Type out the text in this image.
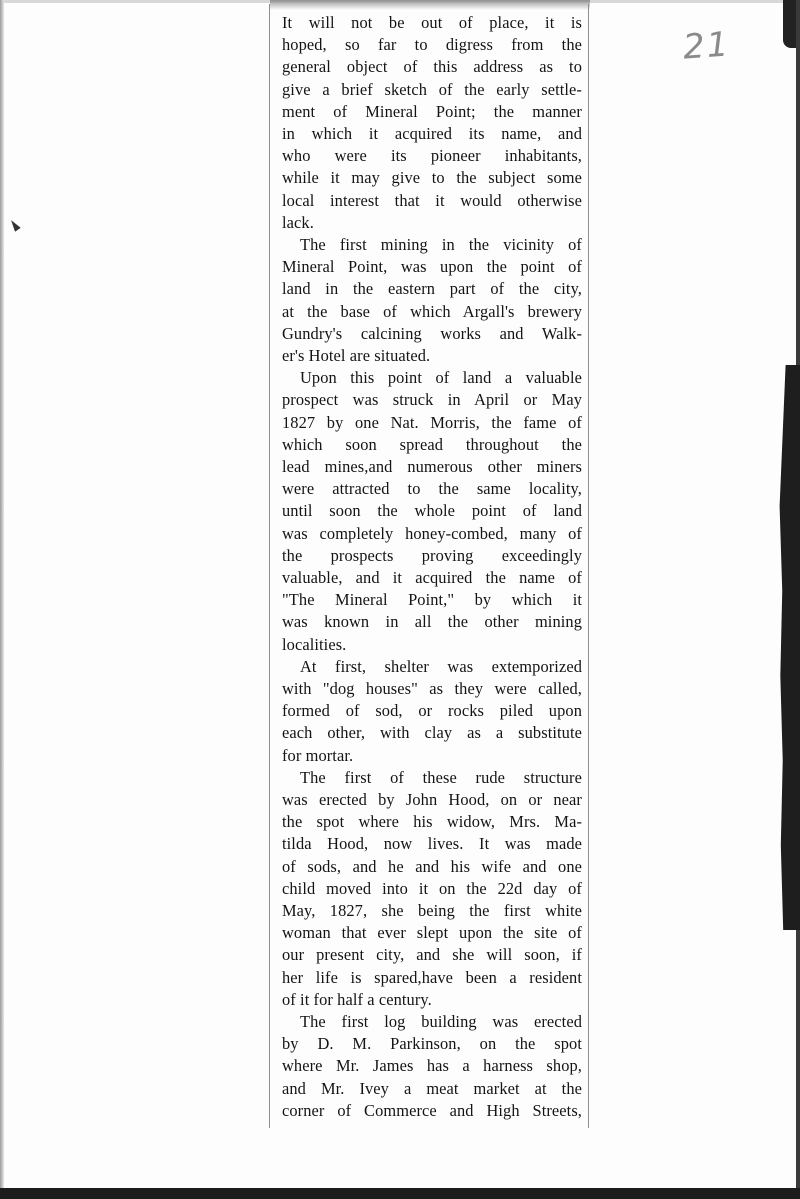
21
It will not be out of place, it is
hoped, so far to digress from the
general object of this address as to
give a brief sketch of the early settle-
ment of Mineral Point; the manner
in which it acquired its name, and
who were its pioneer inhabitants,
while it may give to the subject some
local interest that it would otherwise
lack.
The first mining in the vicinity of
Mineral Point, was upon the point of
land in the eastern part of the city,
at the base of which Argall's brewery
Gundry's calcining works and Walk-
er's Hotel are situated.
Upon this point of land a valuable
prospect was struck in April or May
1827 by one Nat. Morris, the fame of
which soon spread throughout the
lead mines,and numerous other miners
were attracted to the same locality,
until soon the whole point of land
was completely honey-combed, many of
the prospects proving exceedingly
valuable, and it acquired the name of
"The Mineral Point," by which it
was known in all the other mining
localities.
At first, shelter was extemporized
with "dog houses" as they were called,
formed of sod, or rocks piled upon
each other, with clay as a substitute
for mortar.
The first of these rude structure
was erected by John Hood, on or near
the spot where his widow, Mrs. Ma-
tilda Hood, now lives. It was made
of sods, and he and his wife and one
child moved into it on the 22d day of
May, 1827, she being the first white
woman that ever slept upon the site of
our present city, and she will soon, if
her life is spared,have been a resident
of it for half a century.
The first log building was erected
by D. M. Parkinson, on the spot
where Mr. James has a harness shop,
and Mr. Ivey a meat market at the
corner of Commerce and High Streets,
